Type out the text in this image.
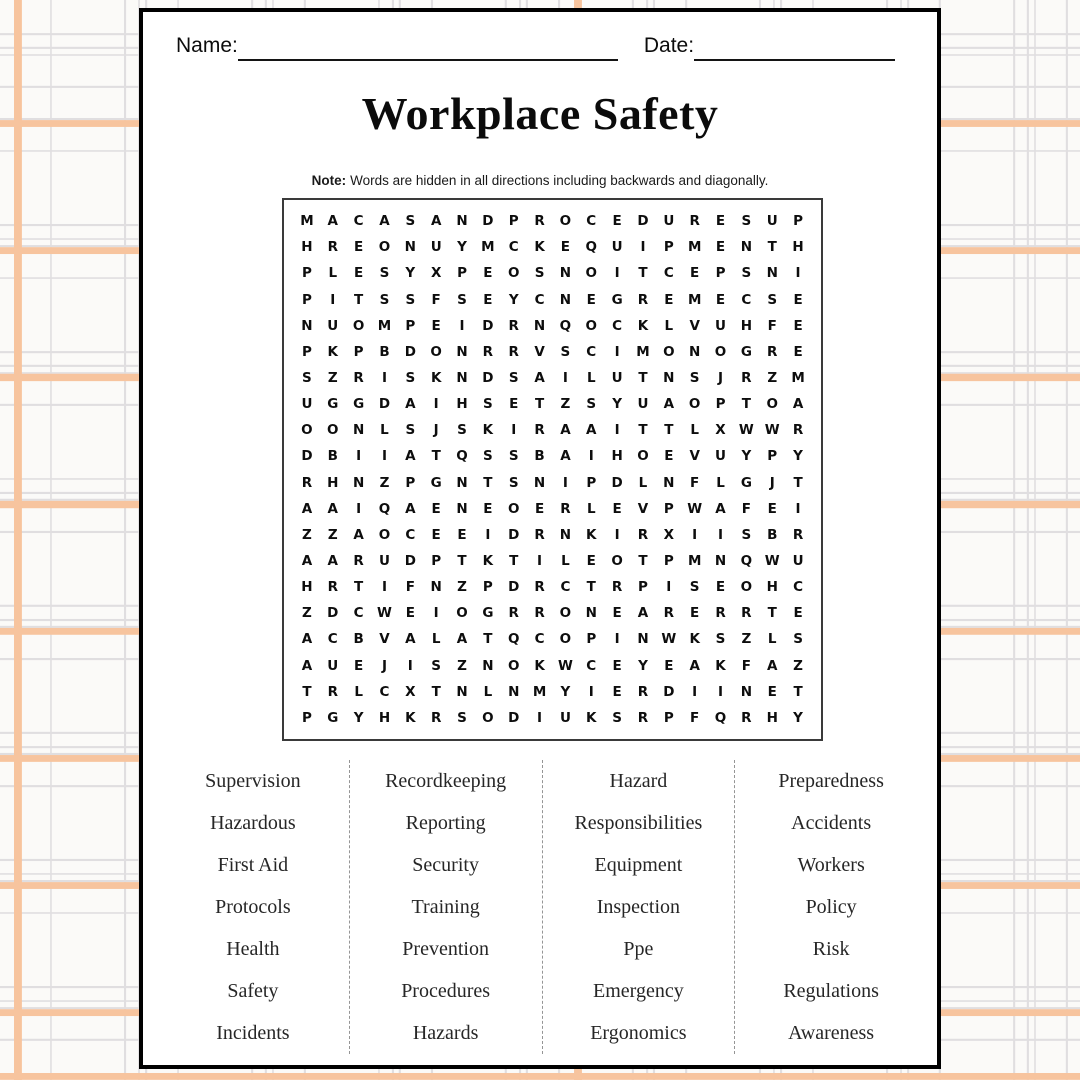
Name:	Date:
Workplace Safety

Note: Words are hidden in all directions including backwards and diagonally.

M	A	C	A	S	A	N	D	P	R	O	C	E	D	U	R	E	S	U	P
H	R	E	O	N	U	Y	M	C	K	E	Q	U	I	P	M	E	N	T	H
P	L	E	S	Y	X	P	E	O	S	N	O	I	T	C	E	P	S	N	I
P	I	T	S	S	F	S	E	Y	C	N	E	G	R	E	M	E	C	S	E
N	U	O M	P	E	I	D	R	N	Q	O	C	K	L	V	U	H	F	E
P	K	P	B	D	O	N	R	R	V	S	C	I	M O	N	O	G	R	E
S	Z	R	I	S	K	N	D	S	A	I	L	U	T	N	S	J	R	Z	M
U	G	G	D	A	I	H	S	E	T	Z	S	Y	U	A	O	P	T	O	A
O	O	N	L	S	J	S	K	I	R	A	A	I	T	T	L	X W W R
D	B	I	I	A	T	Q	S	S	B	A	I	H	O	E	V	U	Y	P	Y
R	H	N	Z	P	G	N	T	S	N	I	P	D	L	N	F	L	G	J	T
A	A	I	Q	A	E	N	E	O	E	R	L	E	V	P W A	F	E	I
Z	Z	A	O	C	E	E	I	D	R	N	K	I	R	X	I	I	S	B	R
A	A	R	U	D	P	T	K	T	I	L	E	O	T	P	M N	Q W U
H	R	T	I	F	N	Z	P	D	R	C	T	R	P	I	S	E	O	H	C
Z	D	C W	E	I	O	G	R	R	O	N	E	A	R	E	R	R	T	E
A	C	B	V	A	L	A	T	Q	C	O	P	I	N W K	S	Z	L	S
A	U	E	J	I	S	Z	N	O	K W C	E	Y	E	A	K	F	A	Z
T	R	L	C	X	T	N	L	N M	Y	I	E	R	D	I	I	N	E	T
P	G	Y	H	K	R	S	O	D	I	U	K	S	R	P	F	Q	R	H	Y
Supervision
Hazardous
First Aid
Protocols
Health
Safety
Incidents
Recordkeeping
Reporting
Security
Training
Prevention
Procedures
Hazards
Hazard
Responsibilities
Equipment
Inspection
Ppe
Emergency
Ergonomics
Preparedness
Accidents
Workers
Policy
Risk
Regulations
Awareness
